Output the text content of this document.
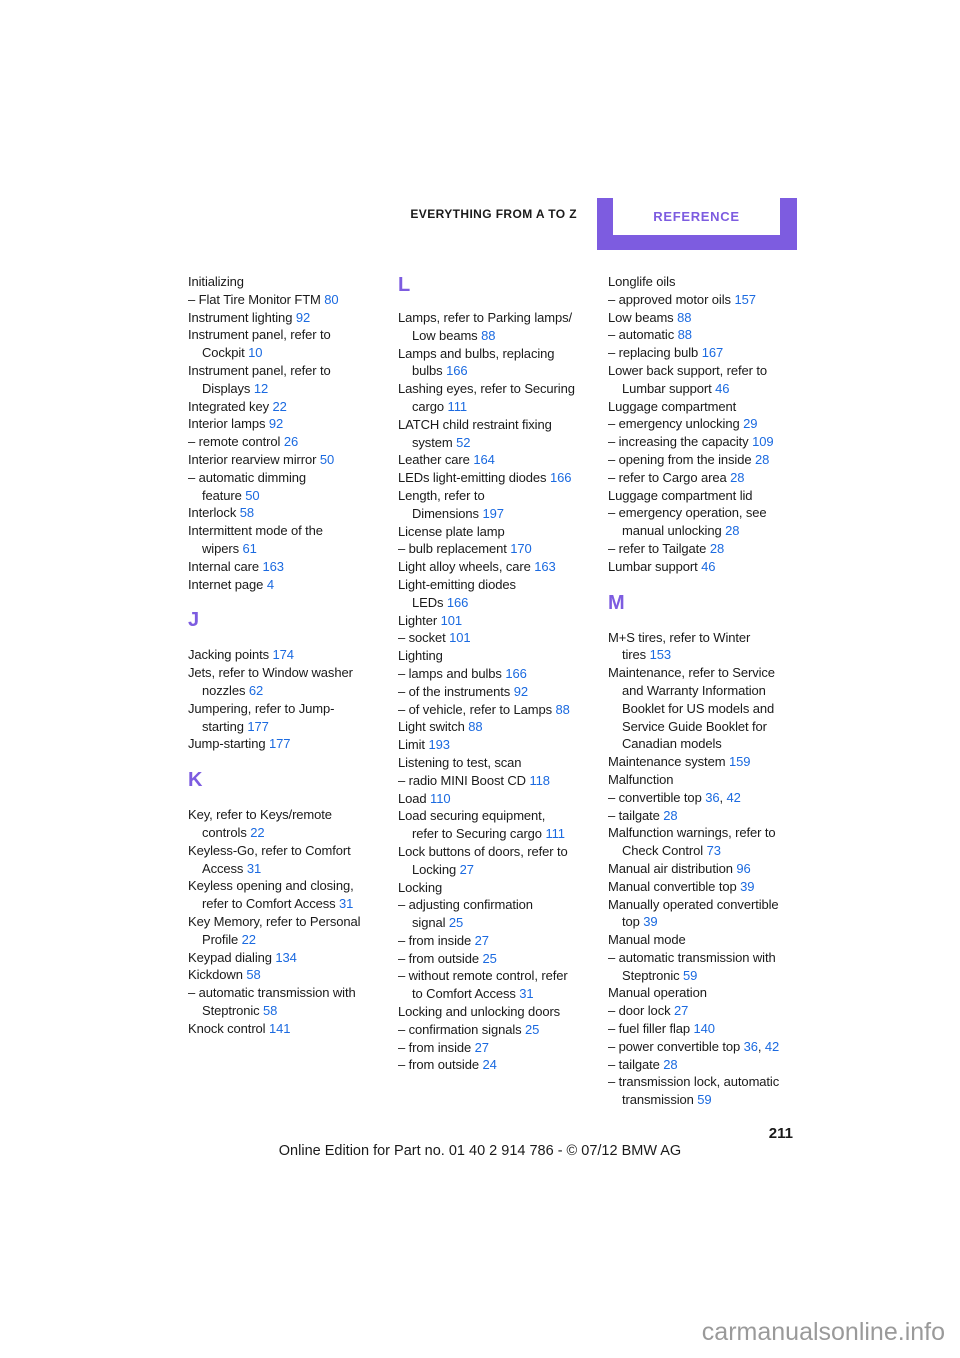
EVERYTHING FROM A TO Z	REFERENCE
Initializing
– Flat Tire Monitor FTM 80
Instrument lighting 92
Instrument panel, refer to
Cockpit 10
Instrument panel, refer to
Displays 12
Integrated key 22
Interior lamps 92
– remote control 26
Interior rearview mirror 50
– automatic dimming
feature 50
Interlock 58
Intermittent mode of the
wipers 61
Internal care 163
Internet page 4
J
Jacking points 174
Jets, refer to Window washer
nozzles 62
Jumpering, refer to Jump-
starting 177
Jump-starting 177
K
Key, refer to Keys/remote
controls 22
Keyless-Go, refer to Comfort
Access 31
Keyless opening and closing,
refer to Comfort Access 31
Key Memory, refer to Personal
Profile 22
Keypad dialing 134
Kickdown 58
– automatic transmission with
Steptronic 58
Knock control 141
L
Lamps, refer to Parking lamps/
Low beams 88
Lamps and bulbs, replacing
bulbs 166
Lashing eyes, refer to Securing
cargo 111
LATCH child restraint fixing
system 52
Leather care 164
LEDs light-emitting diodes 166
Length, refer to
Dimensions 197
License plate lamp
– bulb replacement 170
Light alloy wheels, care 163
Light-emitting diodes
LEDs 166
Lighter 101
– socket 101
Lighting
– lamps and bulbs 166
– of the instruments 92
– of vehicle, refer to Lamps 88
Light switch 88
Limit 193
Listening to test, scan
– radio MINI Boost CD 118
Load 110
Load securing equipment,
refer to Securing cargo 111
Lock buttons of doors, refer to
Locking 27
Locking
– adjusting confirmation
signal 25
– from inside 27
– from outside 25
– without remote control, refer
to Comfort Access 31
Locking and unlocking doors
– confirmation signals 25
– from inside 27
– from outside 24
Longlife oils
– approved motor oils 157
Low beams 88
– automatic 88
– replacing bulb 167
Lower back support, refer to
Lumbar support 46
Luggage compartment
– emergency unlocking 29
– increasing the capacity 109
– opening from the inside 28
– refer to Cargo area 28
Luggage compartment lid
– emergency operation, see
manual unlocking 28
– refer to Tailgate 28
Lumbar support 46
M
M+S tires, refer to Winter
tires 153
Maintenance, refer to Service
and Warranty Information
Booklet for US models and
Service Guide Booklet for
Canadian models
Maintenance system 159
Malfunction
– convertible top 36, 42
– tailgate 28
Malfunction warnings, refer to
Check Control 73
Manual air distribution 96
Manual convertible top 39
Manually operated convertible
top 39
Manual mode
– automatic transmission with
Steptronic 59
Manual operation
– door lock 27
– fuel filler flap 140
– power convertible top 36, 42
– tailgate 28
– transmission lock, automatic
transmission 59
211
Online Edition for Part no. 01 40 2 914 786 - © 07/12 BMW AG
carmanualsonline.info
